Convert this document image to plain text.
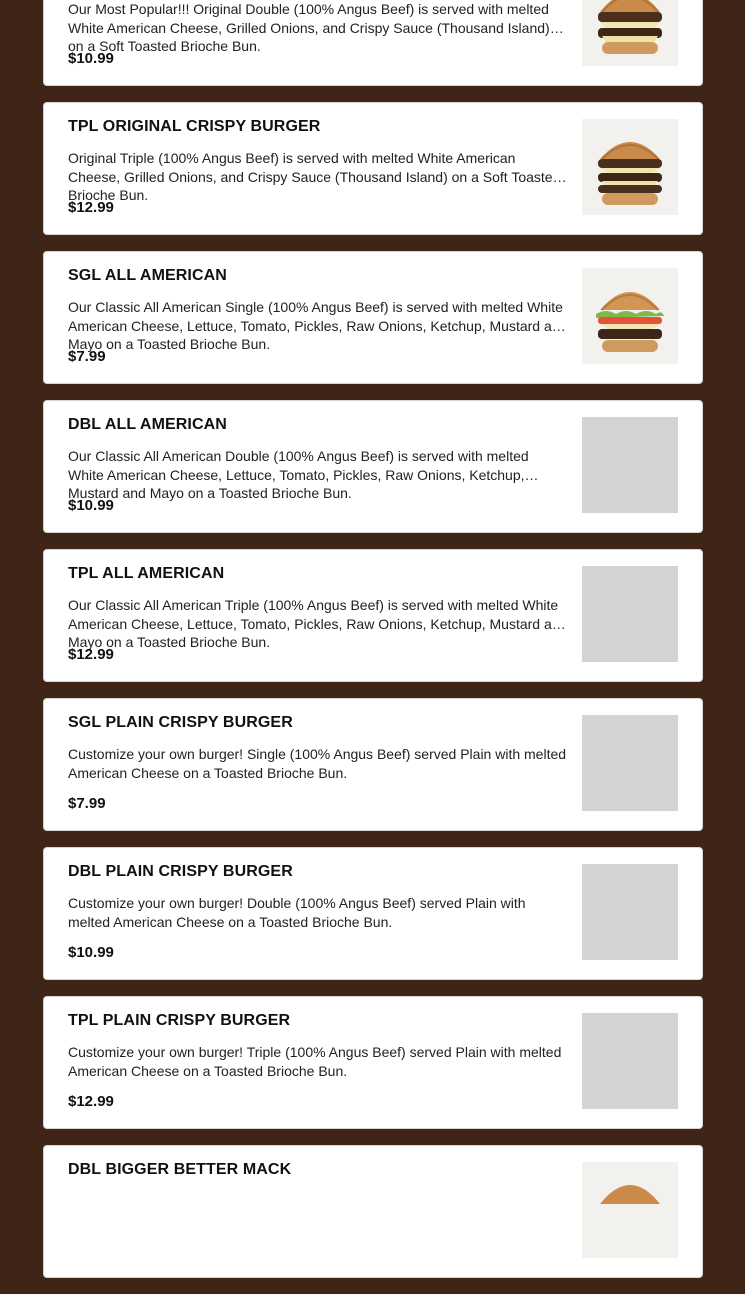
Our Most Popular!!! Original Double (100% Angus Beef) is served with melted White American Cheese, Grilled Onions, and Crispy Sauce (Thousand Island) on a Soft Toasted Brioche Bun.
$10.99
TPL ORIGINAL CRISPY BURGER
Original Triple (100% Angus Beef) is served with melted White American Cheese, Grilled Onions, and Crispy Sauce (Thousand Island) on a Soft Toasted Brioche Bun.
$12.99
SGL ALL AMERICAN
Our Classic All American Single (100% Angus Beef) is served with melted White American Cheese, Lettuce, Tomato, Pickles, Raw Onions, Ketchup, Mustard and Mayo on a Toasted Brioche Bun.
$7.99
DBL ALL AMERICAN
Our Classic All American Double (100% Angus Beef) is served with melted White American Cheese, Lettuce, Tomato, Pickles, Raw Onions, Ketchup, Mustard and Mayo on a Toasted Brioche Bun.
$10.99
TPL ALL AMERICAN
Our Classic All American Triple (100% Angus Beef) is served with melted White American Cheese, Lettuce, Tomato, Pickles, Raw Onions, Ketchup, Mustard and Mayo on a Toasted Brioche Bun.
$12.99
SGL PLAIN CRISPY BURGER
Customize your own burger! Single (100% Angus Beef) served Plain with melted American Cheese on a Toasted Brioche Bun.
$7.99
DBL PLAIN CRISPY BURGER
Customize your own burger! Double (100% Angus Beef) served Plain with melted American Cheese on a Toasted Brioche Bun.
$10.99
TPL PLAIN CRISPY BURGER
Customize your own burger! Triple (100% Angus Beef) served Plain with melted American Cheese on a Toasted Brioche Bun.
$12.99
DBL BIGGER BETTER MACK
